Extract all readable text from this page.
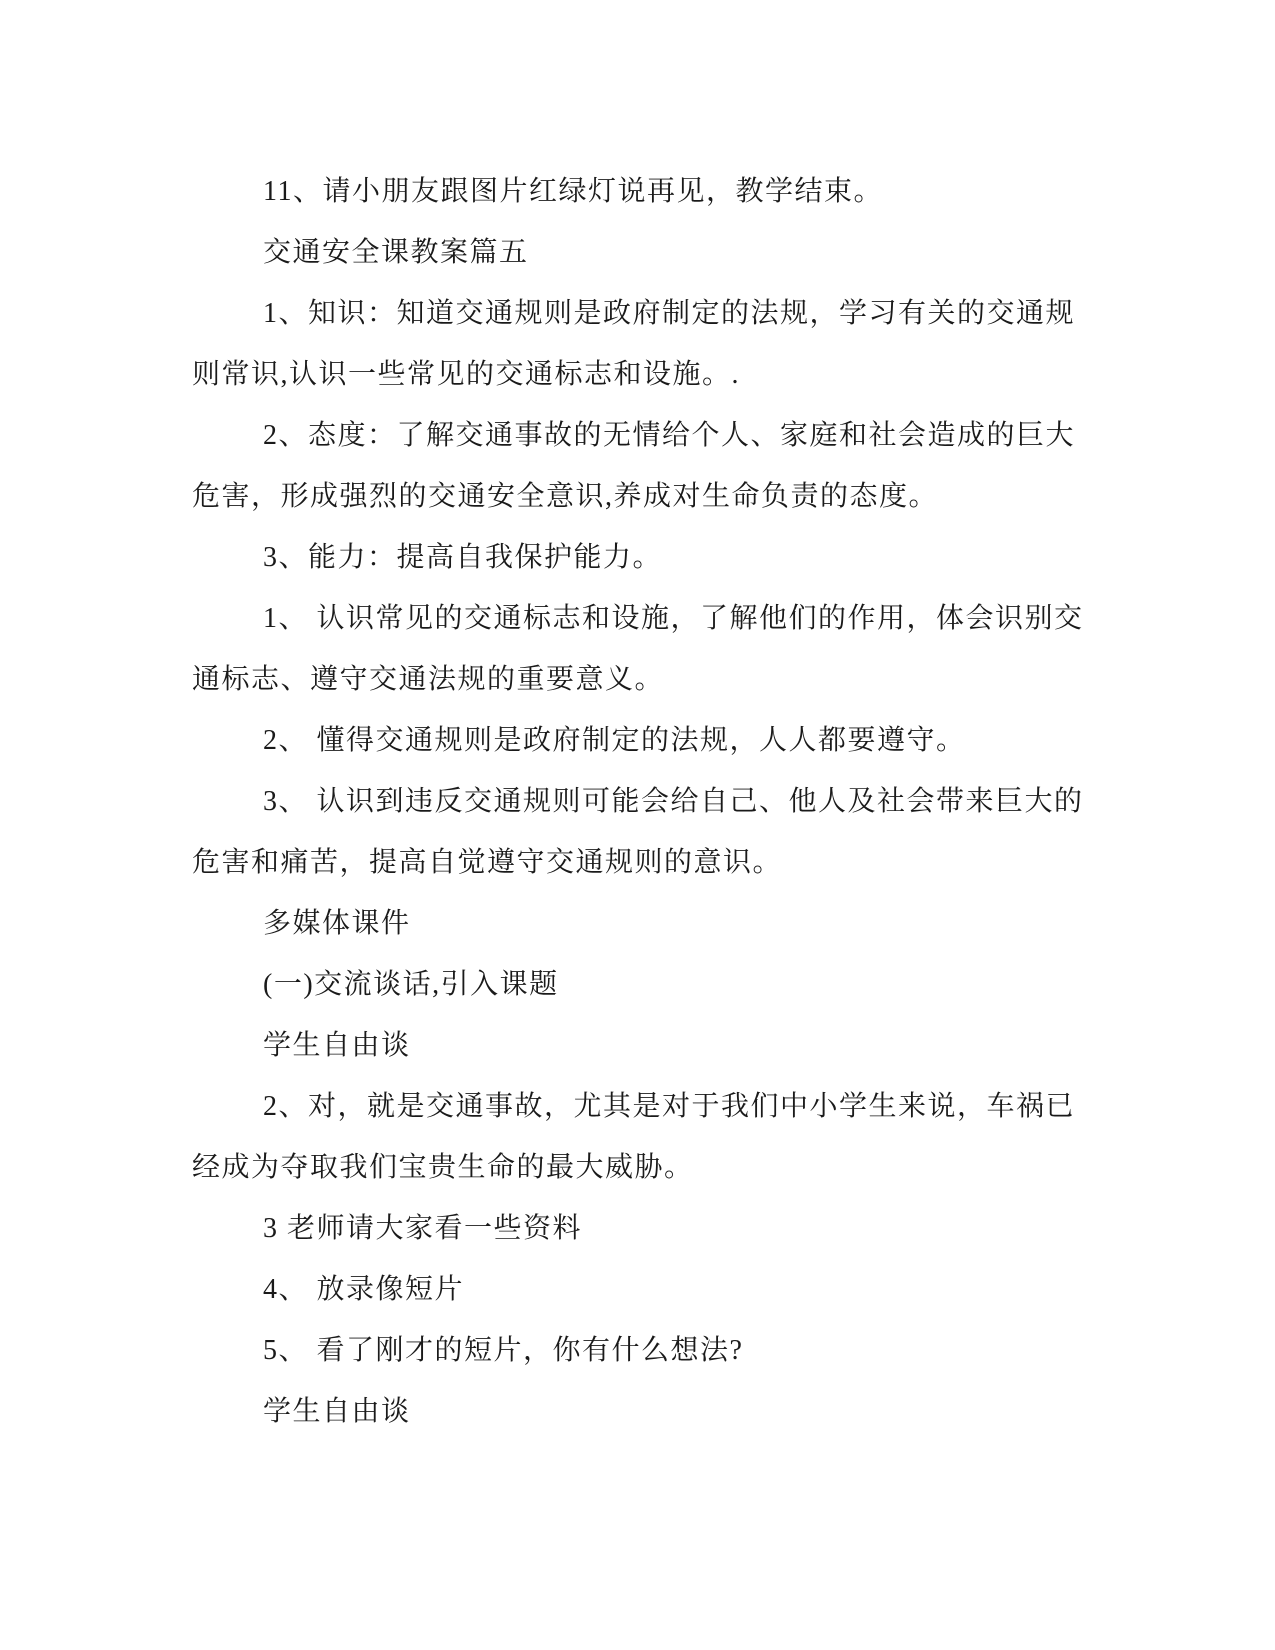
11、请小朋友跟图片红绿灯说再见，教学结束。
交通安全课教案篇五
1、知识：知道交通规则是政府制定的法规，学习有关的交通规
则常识,认识一些常见的交通标志和设施。.
2、态度：了解交通事故的无情给个人、家庭和社会造成的巨大
危害，形成强烈的交通安全意识,养成对生命负责的态度。
3、能力：提高自我保护能力。
1、 认识常见的交通标志和设施，了解他们的作用，体会识别交
通标志、遵守交通法规的重要意义。
2、 懂得交通规则是政府制定的法规，人人都要遵守。
3、 认识到违反交通规则可能会给自己、他人及社会带来巨大的
危害和痛苦，提高自觉遵守交通规则的意识。
多媒体课件
(一)交流谈话,引入课题
学生自由谈
2、对，就是交通事故，尤其是对于我们中小学生来说，车祸已
经成为夺取我们宝贵生命的最大威胁。
3 老师请大家看一些资料
4、 放录像短片
5、 看了刚才的短片，你有什么想法?
学生自由谈
